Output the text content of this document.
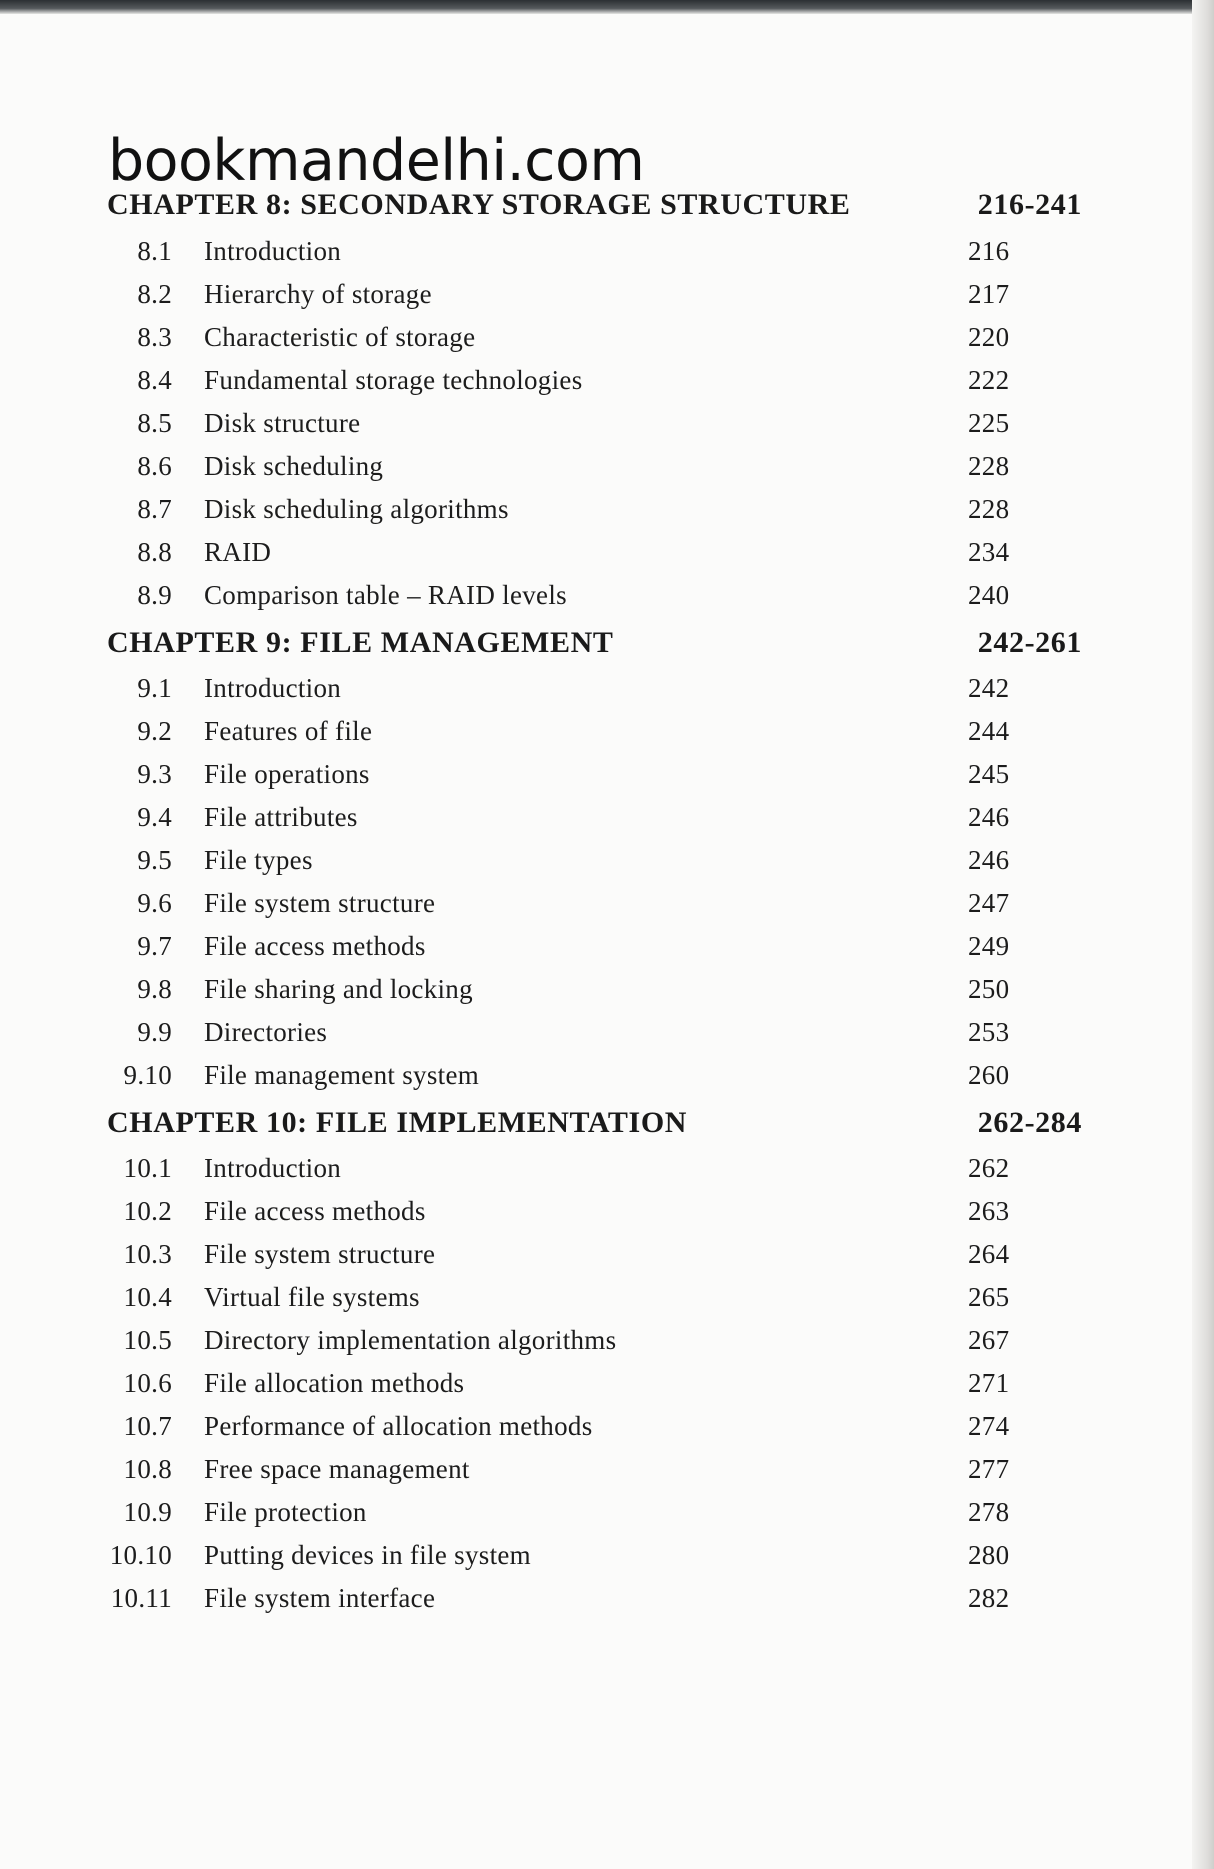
bookmandelhi.com
CHAPTER 8: SECONDARY STORAGE STRUCTURE	216-241
8.1 Introduction	216
8.2 Hierarchy of storage	217
8.3 Characteristic of storage	220
8.4 Fundamental storage technologies	222
8.5 Disk structure	225
8.6 Disk scheduling	228
8.7 Disk scheduling algorithms	228
8.8 RAID	234
8.9 Comparison table – RAID levels	240
CHAPTER 9: FILE MANAGEMENT	242-261
9.1 Introduction	242
9.2 Features of file	244
9.3 File operations	245
9.4 File attributes	246
9.5 File types	246
9.6 File system structure	247
9.7 File access methods	249
9.8 File sharing and locking	250
9.9 Directories	253
9.10 File management system	260
CHAPTER 10: FILE IMPLEMENTATION	262-284
10.1 Introduction	262
10.2 File access methods	263
10.3 File system structure	264
10.4 Virtual file systems	265
10.5 Directory implementation algorithms	267
10.6 File allocation methods	271
10.7 Performance of allocation methods	274
10.8 Free space management	277
10.9 File protection	278
10.10 Putting devices in file system	280
10.11 File system interface	282
